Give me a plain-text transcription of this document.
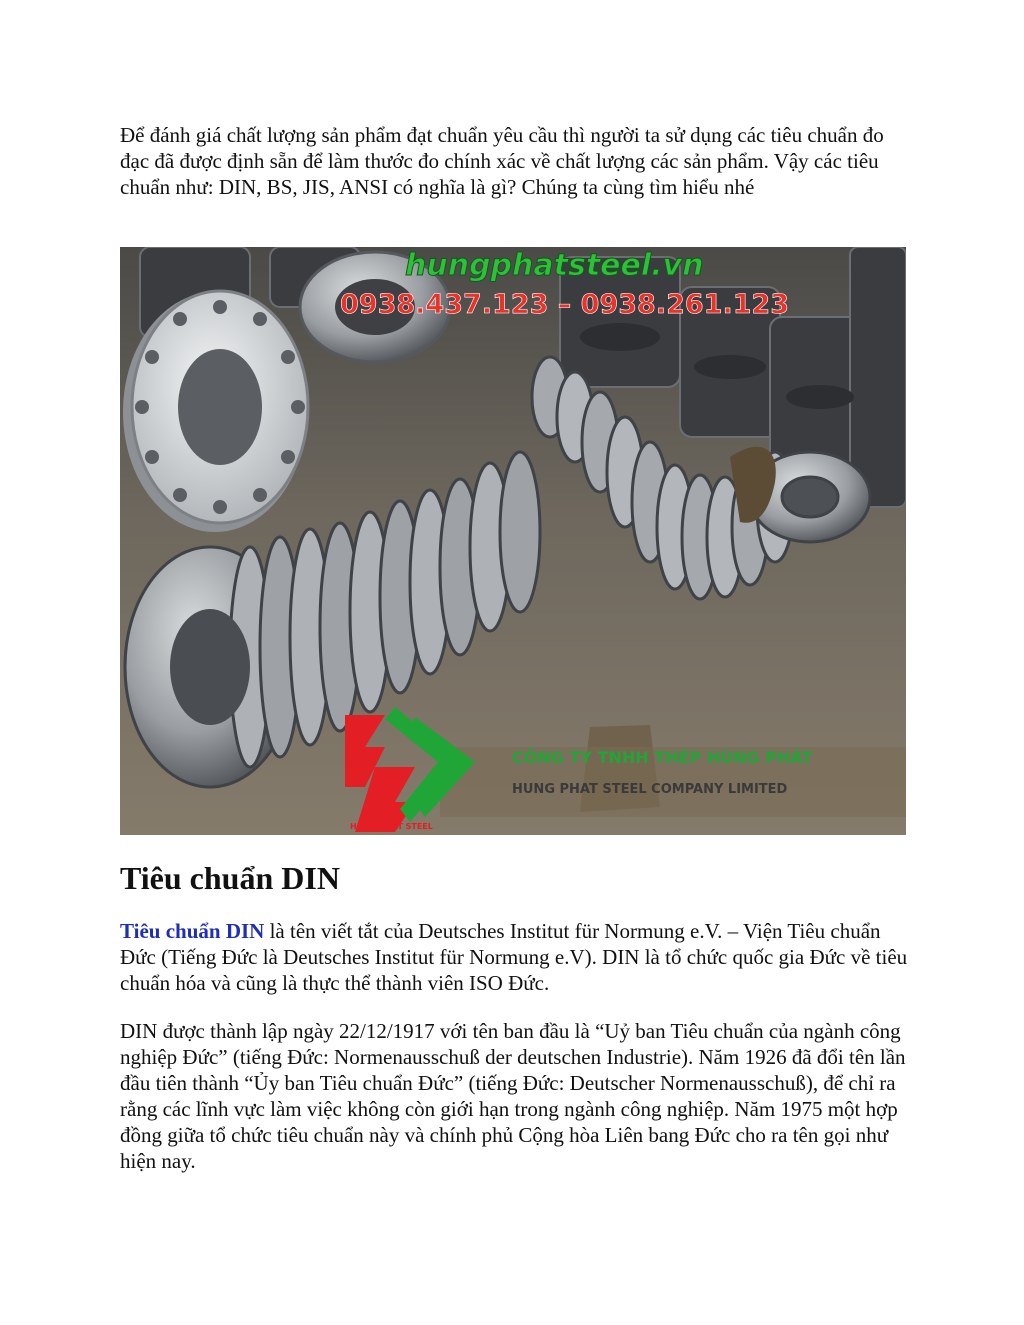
Để đánh giá chất lượng sản phẩm đạt chuẩn yêu cầu thì người ta sử dụng các tiêu chuẩn đo đạc đã được định sẵn để làm thước đo chính xác về chất lượng các sản phẩm. Vậy các tiêu chuẩn như: DIN, BS, JIS, ANSI có nghĩa là gì? Chúng ta cùng tìm hiểu nhé

hungphatsteel.vn
0938.437.123 – 0938.261.123
HUNG PHAT STEEL
CÔNG TY TNHH THÉP HÙNG PHÁT
HUNG PHAT STEEL COMPANY LIMITED
Tiêu chuẩn DIN

Tiêu chuẩn DIN là tên viết tắt của Deutsches Institut für Normung e.V. – Viện Tiêu chuẩn Đức (Tiếng Đức là Deutsches Institut für Normung e.V). DIN là tổ chức quốc gia Đức về tiêu chuẩn hóa và cũng là thực thể thành viên ISO Đức.

DIN được thành lập ngày 22/12/1917 với tên ban đầu là “Uỷ ban Tiêu chuẩn của ngành công nghiệp Đức” (tiếng Đức: Normenausschuß der deutschen Industrie). Năm 1926 đã đổi tên lần đầu tiên thành “Ủy ban Tiêu chuẩn Đức” (tiếng Đức: Deutscher Normenausschuß), để chỉ ra rằng các lĩnh vực làm việc không còn giới hạn trong ngành công nghiệp. Năm 1975 một hợp đồng giữa tổ chức tiêu chuẩn này và chính phủ Cộng hòa Liên bang Đức cho ra tên gọi như hiện nay.
